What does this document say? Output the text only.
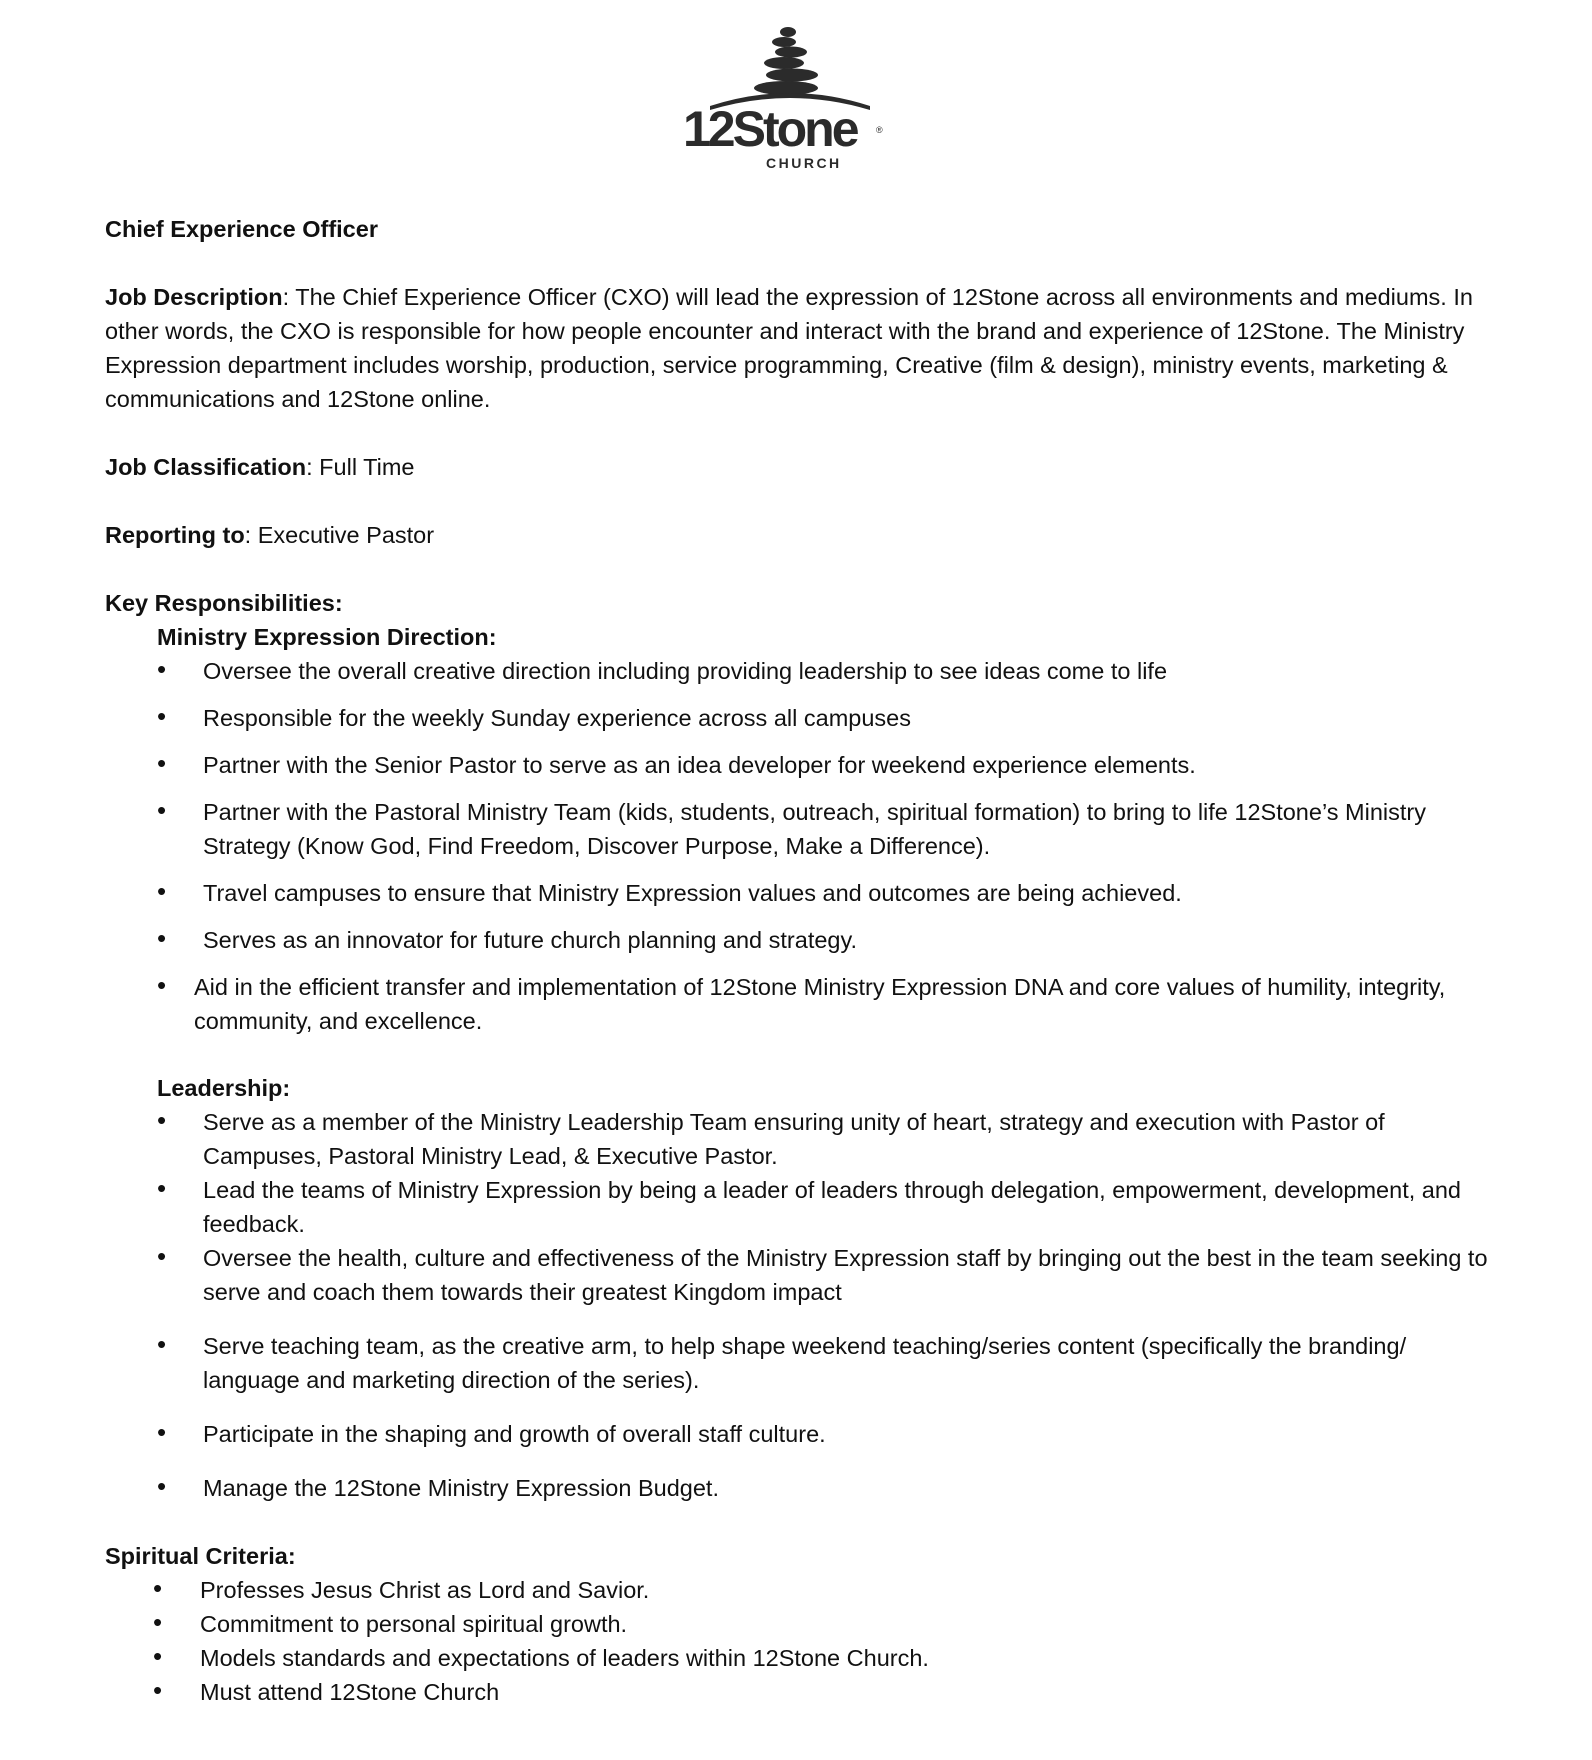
12Stone ®
CHURCH

Chief Experience Officer

Job Description: The Chief Experience Officer (CXO) will lead the expression of 12Stone across all environments and mediums. In other words, the CXO is responsible for how people encounter and interact with the brand and experience of 12Stone. The Ministry Expression department includes worship, production, service programming, Creative (film & design), ministry events, marketing & communications and 12Stone online.

Job Classification: Full Time

Reporting to: Executive Pastor

Key Responsibilities:

Ministry Expression Direction:

• Oversee the overall creative direction including providing leadership to see ideas come to life
• Responsible for the weekly Sunday experience across all campuses
• Partner with the Senior Pastor to serve as an idea developer for weekend experience elements.
• Partner with the Pastoral Ministry Team (kids, students, outreach, spiritual formation) to bring to life 12Stone’s Ministry Strategy (Know God, Find Freedom, Discover Purpose, Make a Difference).
• Travel campuses to ensure that Ministry Expression values and outcomes are being achieved.
• Serves as an innovator for future church planning and strategy.
• Aid in the efficient transfer and implementation of 12Stone Ministry Expression DNA and core values of humility, integrity, community, and excellence.

Leadership:

• Serve as a member of the Ministry Leadership Team ensuring unity of heart, strategy and execution with Pastor of Campuses, Pastoral Ministry Lead, & Executive Pastor.
• Lead the teams of Ministry Expression by being a leader of leaders through delegation, empowerment, development, and feedback.
• Oversee the health, culture and effectiveness of the Ministry Expression staff by bringing out the best in the team seeking to serve and coach them towards their greatest Kingdom impact
• Serve teaching team, as the creative arm, to help shape weekend teaching/series content (specifically the branding/ language and marketing direction of the series).
• Participate in the shaping and growth of overall staff culture.
• Manage the 12Stone Ministry Expression Budget.

Spiritual Criteria:

• Professes Jesus Christ as Lord and Savior.
• Commitment to personal spiritual growth.
• Models standards and expectations of leaders within 12Stone Church.
• Must attend 12Stone Church
